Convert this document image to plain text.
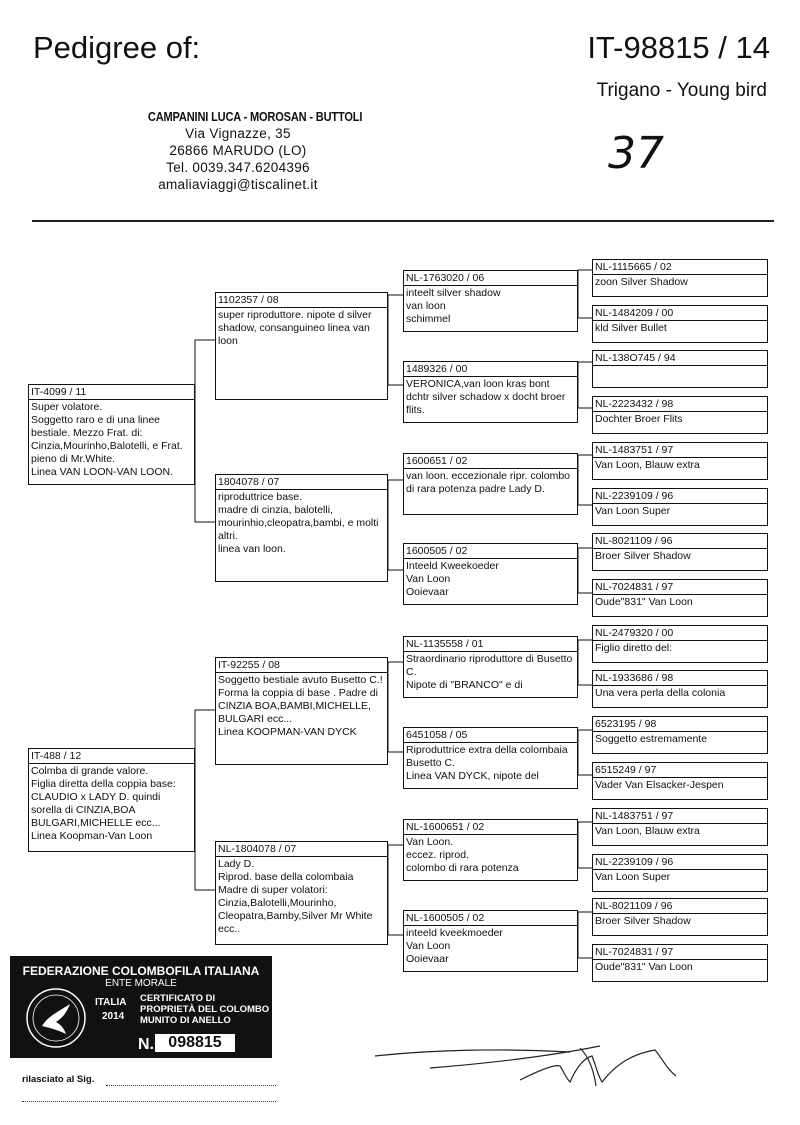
Pedigree of:	IT-98815 / 14
Trigano - Young bird
CAMPANINI LUCA - MOROSAN - BUTTOLI
Via Vignazze, 35
26866 MARUDO (LO)
Tel. 0039.347.6204396
amaliaviaggi@tiscalinet.it
37
IT-4099 / 11
Super volatore.
Soggetto raro e di una linee bestiale. Mezzo Frat. di: Cinzia,Mourinho,Balotelli, e Frat. pieno di Mr.White.
Linea VAN LOON-VAN LOON.
IT-488 / 12
Colmba di grande valore.
Figlia diretta della coppia base: CLAUDIO x LADY D. quindi sorella di CINZIA,BOA BULGARI,MICHELLE ecc...
Linea Koopman-Van Loon
1102357 / 08
super riproduttore. nipote d silver shadow, consanguineo linea van loon
1804078 / 07
riproduttrice base.
madre di cinzia, balotelli, mourinhio,cleopatra,bambi, e molti altri.
linea van loon.
IT-92255 / 08
Soggetto bestiale avuto Busetto C.! Forma la coppia di base . Padre di CINZIA BOA,BAMBI,MICHELLE, BULGARI ecc...
Linea KOOPMAN-VAN DYCK
NL-1804078 / 07
Lady D.
Riprod. base della colombaia
Madre di super volatori: Cinzia,Balotelli,Mourinho, Cleopatra,Bamby,Silver Mr White ecc..
NL-1763020 / 06
inteelt silver shadow
van loon
schimmel
1489326 / 00
VERONICA,van loon kras bont dchtr silver schadow x docht broer flits.
1600651 / 02
van loon. eccezionale ripr. colombo di rara potenza padre Lady D.
1600505 / 02
Inteeld Kweekoeder
Van Loon
Ooievaar
NL-1135558 / 01
Straordinario riproduttore di Busetto C.
Nipote di "BRANCO" e di
6451058 / 05
Riproduttrice extra della colombaia Busetto C.
Linea VAN DYCK, nipote del
NL-1600651 / 02
Van Loon.
eccez. riprod.
colombo di rara potenza
NL-1600505 / 02
inteeld kveekmoeder
Van Loon
Ooievaar
NL-1115665 / 02
zoon Silver Shadow
NL-1484209 / 00
kld Silver Bullet
NL-138O745 / 94
NL-2223432 / 98
Dochter Broer Flits
NL-1483751 / 97
Van Loon, Blauw extra
NL-2239109 / 96
Van Loon Super
NL-8021109 / 96
Broer Silver Shadow
NL-7024831 / 97
Oude"831" Van Loon
NL-2479320 / 00
Figlio diretto del:
NL-1933686 / 98
Una vera perla della colonia
6523195 / 98
Soggetto estremamente
6515249 / 97
Vader Van Elsacker-Jespen
NL-1483751 / 97
Van Loon, Blauw extra
NL-2239109 / 96
Van Loon Super
NL-8021109 / 96
Broer Silver Shadow
NL-7024831 / 97
Oude"831" Van Loon
FEDERAZIONE COLOMBOFILA ITALIANA
ENTE MORALE
ITALIA
2014
CERTIFICATO DI PROPRIETÀ DEL COLOMBO MUNITO DI ANELLO
N. 098815
rilasciato al Sig.
